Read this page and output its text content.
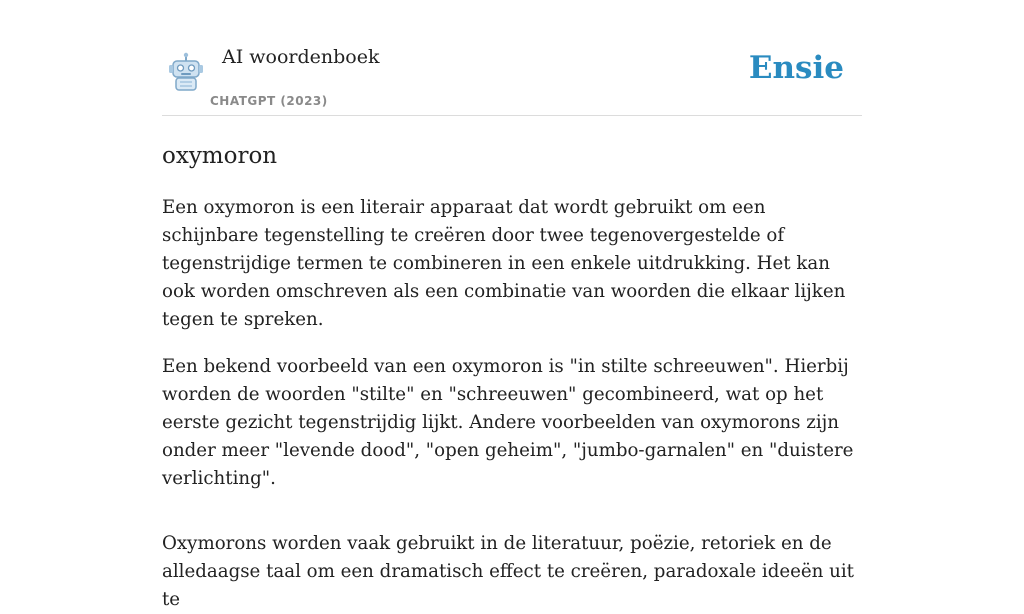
AI woordenboek
CHATGPT (2023)
Ensie
oxymoron

Een oxymoron is een literair apparaat dat wordt gebruikt om een schijnbare tegenstelling te creëren door twee tegenovergestelde of tegenstrijdige termen te combineren in een enkele uitdrukking. Het kan ook worden omschreven als een combinatie van woorden die elkaar lijken tegen te spreken.

Een bekend voorbeeld van een oxymoron is "in stilte schreeuwen". Hierbij worden de woorden "stilte" en "schreeuwen" gecombineerd, wat op het eerste gezicht tegenstrijdig lijkt. Andere voorbeelden van oxymorons zijn onder meer "levende dood", "open geheim", "jumbo-garnalen" en "duistere verlichting".

Oxymorons worden vaak gebruikt in de literatuur, poëzie, retoriek en de alledaagse taal om een dramatisch effect te creëren, paradoxale ideeën uit te
